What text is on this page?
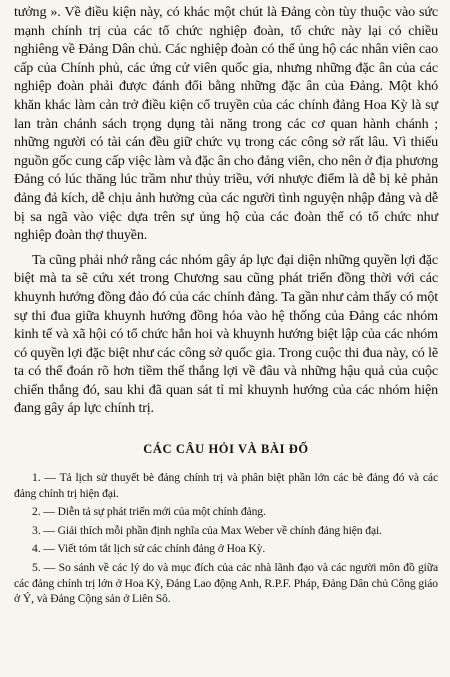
tưởng ». Về điều kiện này, có khác một chút là Đảng còn tùy thuộc vào sức mạnh chính trị của các tổ chức nghiệp đoàn, tổ chức này lại có chiều nghiêng về Đảng Dân chủ. Các nghiệp đoàn có thể ủng hộ các nhân viên cao cấp của Chính phủ, các ứng cử viên quốc gia, nhưng những đặc ân của các nghiệp đoàn phải được đánh đổi bằng những đặc ân của Đảng. Một khó khăn khác làm cản trở điều kiện cổ truyền của các chính đảng Hoa Kỳ là sự lan tràn chánh sách trọng dụng tài năng trong các cơ quan hành chánh ; những người có tài cán đều giữ chức vụ trong các công sở rất lâu. Vì thiếu nguồn gốc cung cấp việc làm và đặc ân cho đảng viên, cho nên ở địa phương Đảng có lúc thăng lúc trầm như thủy triều, với nhược điểm là dễ bị kẻ phản đảng đả kích, dễ chịu ảnh hưởng của các người tình nguyện nhập đảng và dễ bị sa ngã vào việc dựa trên sự ủng hộ của các đoàn thể có tổ chức như nghiệp đoàn thợ thuyền.

Ta cũng phải nhớ rằng các nhóm gây áp lực đại diện những quyền lợi đặc biệt mà ta sẽ cứu xét trong Chương sau cũng phát triển đồng thời với các khuynh hướng đồng đảo đó của các chính đảng. Ta gần như cảm thấy có một sự thi đua giữa khuynh hướng đồng hóa vào hệ thống của Đảng các nhóm kinh tế và xã hội có tổ chức hẳn hoi và khuynh hướng biệt lập của các nhóm có quyền lợi đặc biệt như các công sở quốc gia. Trong cuộc thi đua này, có lẽ ta có thể đoán rõ hơn tiềm thế thắng lợi về đâu và những hậu quả của cuộc chiến thắng đó, sau khi đã quan sát tỉ mỉ khuynh hướng của các nhóm hiện đang gây áp lực chính trị.

CÁC CÂU HỎI VÀ BÀI ĐỐ

1. — Tả lịch sử thuyết bè đảng chính trị và phân biệt phần lớn các bè đảng đó và các đảng chính trị hiện đại.

2. — Diễn tả sự phát triển mới của một chính đảng.

3. — Giải thích mỗi phần định nghĩa của Max Weber về chính đảng hiện đại.

4. — Viết tóm tắt lịch sử các chính đảng ở Hoa Kỳ.

5. — So sánh về các lý do và mục đích của các nhà lãnh đạo và các người môn đồ giữa các đảng chính trị lớn ở Hoa Kỳ, Đảng Lao động Anh, R.P.F. Pháp, Đảng Dân chủ Công giáo ở Ý, và Đảng Cộng sản ở Liên Sô.
